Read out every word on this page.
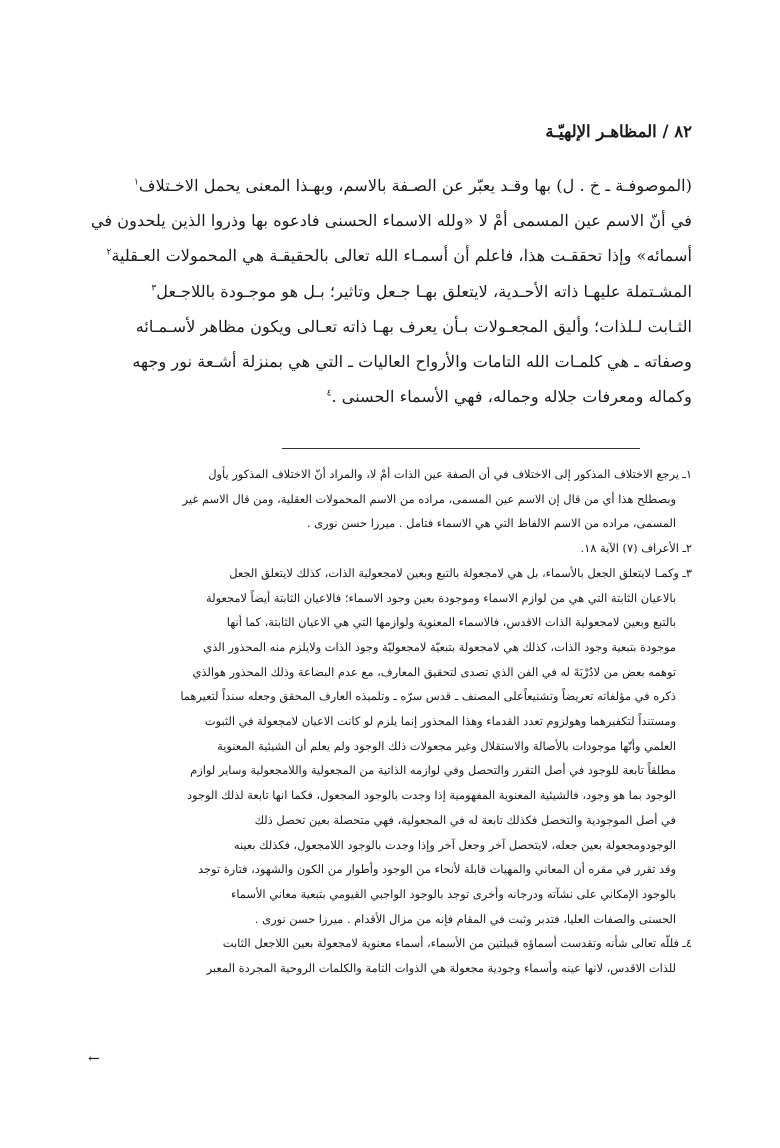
٨٢ / المظاهـر الإلهيّـة
(الموصوفـة ـ خ . ل) بها وقـد يعبّر عن الصـفة بالاسم، وبهـذا المعنى يحمل الاخـتلاف$^١$
في أنّ الاسم عين المسمى أمْ لا «ولله الاسماء الحسنى فادعوه بها وذروا الذين يلحدون في
أسمائه» وإذا تحققـت هذا، فاعلم أن أسمـاء الله تعالى بالحقيقـة هي المحمولات العـقلية$^٢$
المشـتملة عليهـا ذاته الأحـدية، لايتعلق بهـا جـعل وتاثير؛ بـل هو موجـودة باللاجـعل$^٣$
الثـابت لـلذات؛ وأليق المجعـولات بـأن يعرف بهـا ذاته تعـالى ويكون مظاهر لأسـمـائه
وصفاته ـ هي كلمـات الله التامات والأرواح العاليات ـ التي هي بمنزلة أشـعة نور وجهه
وكماله ومعرفات جلاله وجماله، فهي الأسماء الحسنى .$^٤$
١ـ يرجع الاختلاف المذكور إلى الاختلاف في أن الصفة عين الذات أمْ لا، والمراد أنّ الاختلاف المذكور يأول
وبصطلح هذا أي من قال إن الاسم عين المسمى، مراده من الاسم المحمولات العقلية، ومن قال الاسم غير
المسمى، مراده من الاسم الالفاظ التي هي الاسماء فتامل . ميرزا حسن نورى .
٢ـ الأعراف (٧) الآية ١٨.
٣ـ وكمـا لايتعلق الجعل بالأسماء، بل هي لامجعولة بالتبع وبعين لامجعولية الذات، كذلك لايتعلق الجعل
بالاعيان الثابتة التي هي من لوازم الاسماء وموجودة بعين وجود الاسماء؛ فالاعيان الثابتة أيضاً لامجعولة
بالتبع وبعين لامجعولية الذات الاقدس، فالاسماء المعنوية ولوازمها التي هي الاعيان الثابتة، كما أنها
موجودة بتبعية وجود الذات، كذلك هي لامجعولة بتبعيّة لامجعوليّة وجود الذات ولايلزم منه المحذور الذي
توهمه بعض من لادُرْبَةَ له في الفن الذي تصدى لتحقيق المعارف، مع عدم البضاعة وذلك المحذور هوالذي
ذكره في مؤلفاته تعريضاً وتشنيعاًعلى المصنف ـ قدس سرّه ـ وتلميذه العارف المحقق وجعله سنداً لتعيرهما
ومستنداً لتكفيرهما وهولزوم تعدد القدماء وهذا المحذور إنما يلزم لو كانت الاعيان لامجعولة في الثبوت
العلمي وأنّها موجودات بالأصالة والاستقلال وغير مجعولات ذلك الوجود ولم يعلم أن الشيئية المعنوية
مطلقاً تابعة للوجود في أصل التقرر والتحصل وفي لوازمه الذاتية من المجعولية واللامجعولية وساير لوازم
الوجود بما هو وجود، فالشيئية المعنوية المفهومية إذا وجدت بالوجود المجعول، فكما انها تابعة لذلك الوجود
في أصل الموجودية والتحصل فكذلك تابعة له في المجعولية، فهي متحصلة بعين تحصل ذلك
الوجودومجعولة بعين جعله، لايتحصل آخر وجعل آخر وإذا وجدت بالوجود اللامجعول، فكذلك بعينه
وقد تقرر في مقره أن المعاني والمهيات قابلة لأنحاء من الوجود وأطوار من الكون والشهود، فتارة توجد
بالوجود الإمكاني على نشآته ودرجانه وأخرى توجد بالوجود الواجبي القيومي بتبعية معاني الأسماء
الحسنى والصفات العليا، فتدبر وثبت في المقام فإنه من مزال الأقدام . ميرزا حسن نورى .
٤ـ فللّه تعالى شأنه وتقدست أسماؤه قبيلتين من الأسماء، أسماء معنوية لامجعولة بعين اللاجعل الثابت
للذات الاقدس، لانها عينه وأسماء وجودية مجعولة هي الذوات التامة والكلمات الروحية المجردة المعبر
←
